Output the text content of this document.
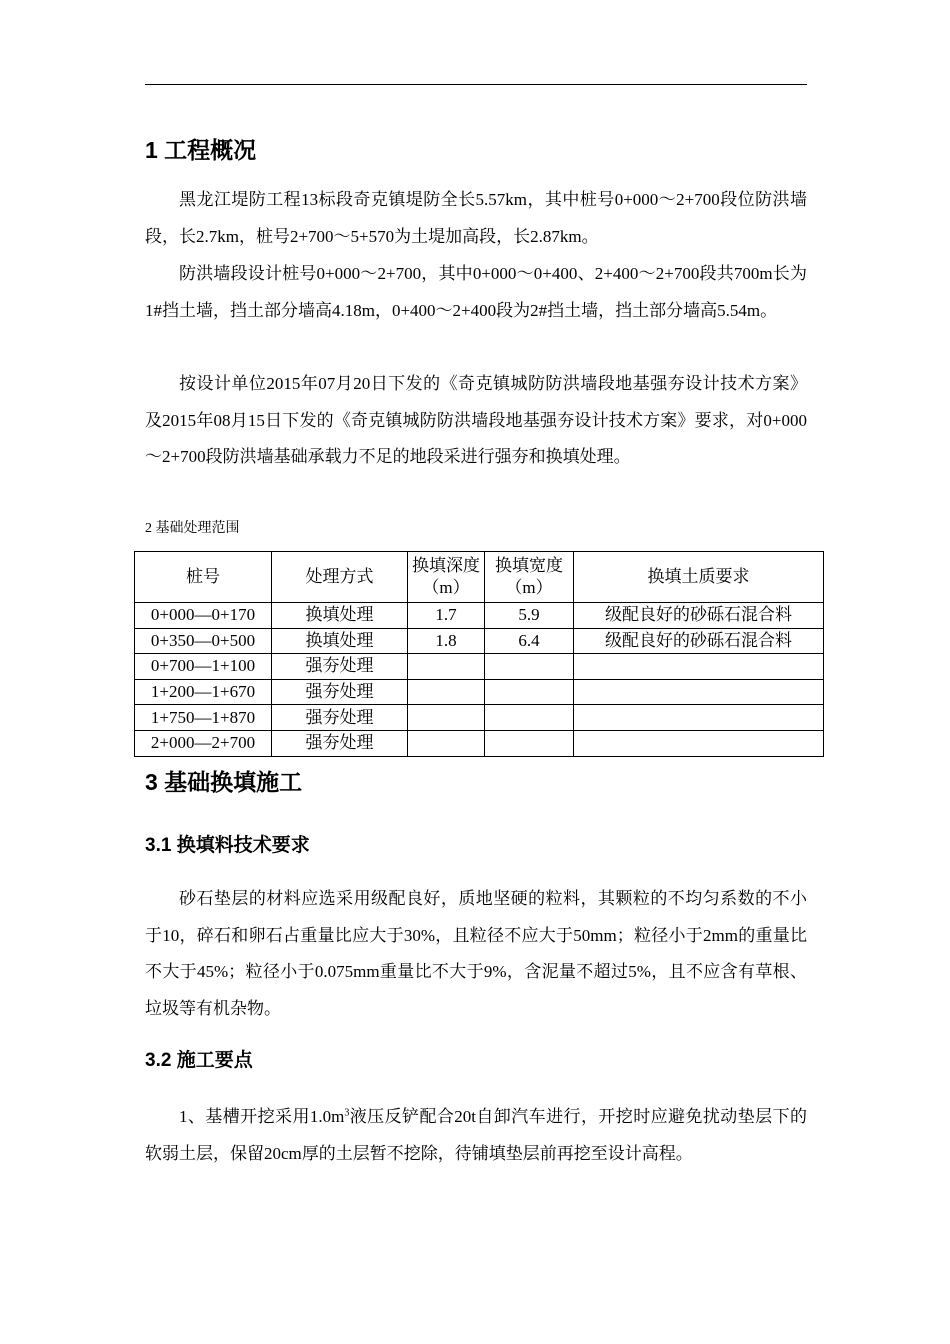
1 工程概况

黑龙江堤防工程13标段奇克镇堤防全长5.57km，其中桩号0+000～2+700段位防洪墙段，长2.7km，桩号2+700～5+570为土堤加高段，长2.87km。

防洪墙段设计桩号0+000～2+700，其中0+000～0+400、2+400～2+700段共700m长为1#挡土墙，挡土部分墙高4.18m，0+400～2+400段为2#挡土墙，挡土部分墙高5.54m。

按设计单位2015年07月20日下发的《奇克镇城防防洪墙段地基强夯设计技术方案》及2015年08月15日下发的《奇克镇城防防洪墙段地基强夯设计技术方案》要求，对0+000～2+700段防洪墙基础承载力不足的地段采进行强夯和换填处理。

2 基础处理范围

桩号	处理方式	换填深度（m）	换填宽度（m）	换填土质要求
0+000—0+170	换填处理	1.7	5.9	级配良好的砂砾石混合料
0+350—0+500	换填处理	1.8	6.4	级配良好的砂砾石混合料
0+700—1+100	强夯处理			
1+200—1+670	强夯处理			
1+750—1+870	强夯处理			
2+000—2+700	强夯处理			
3 基础换填施工
3.1 换填料技术要求

砂石垫层的材料应选采用级配良好，质地坚硬的粒料，其颗粒的不均匀系数的不小于10，碎石和卵石占重量比应大于30%，且粒径不应大于50mm；粒径小于2mm的重量比不大于45%；粒径小于0.075mm重量比不大于9%，含泥量不超过5%，且不应含有草根、垃圾等有机杂物。

3.2 施工要点

1、基槽开挖采用$1.0m^3$液压反铲配合20t自卸汽车进行，开挖时应避免扰动垫层下的软弱土层，保留20cm厚的土层暂不挖除，待铺填垫层前再挖至设计高程。
